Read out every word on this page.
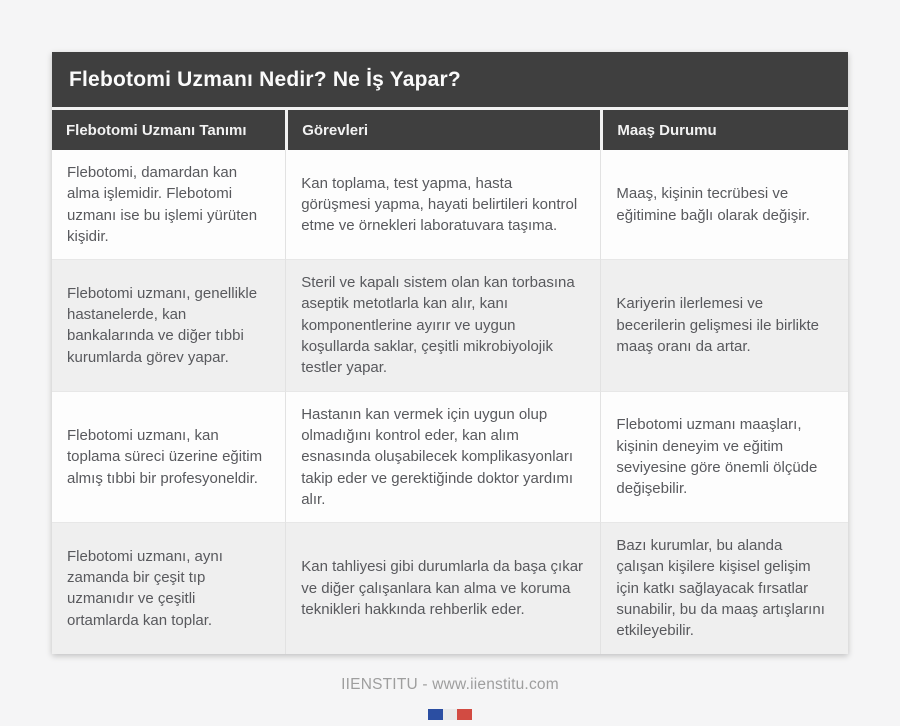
Flebotomi Uzmanı Nedir? Ne İş Yapar?
Flebotomi Uzmanı Tanımı	Görevleri	Maaş Durumu
Flebotomi, damardan kan alma işlemidir. Flebotomi uzmanı ise bu işlemi yürüten kişidir.	Kan toplama, test yapma, hasta görüşmesi yapma, hayati belirtileri kontrol etme ve örnekleri laboratuvara taşıma.	Maaş, kişinin tecrübesi ve eğitimine bağlı olarak değişir.
Flebotomi uzmanı, genellikle hastanelerde, kan bankalarında ve diğer tıbbi kurumlarda görev yapar.	Steril ve kapalı sistem olan kan torbasına aseptik metotlarla kan alır, kanı komponentlerine ayırır ve uygun koşullarda saklar, çeşitli mikrobiyolojik testler yapar.	Kariyerin ilerlemesi ve becerilerin gelişmesi ile birlikte maaş oranı da artar.
Flebotomi uzmanı, kan toplama süreci üzerine eğitim almış tıbbi bir profesyoneldir.	Hastanın kan vermek için uygun olup olmadığını kontrol eder, kan alım esnasında oluşabilecek komplikasyonları takip eder ve gerektiğinde doktor yardımı alır.	Flebotomi uzmanı maaşları, kişinin deneyim ve eğitim seviyesine göre önemli ölçüde değişebilir.
Flebotomi uzmanı, aynı zamanda bir çeşit tıp uzmanıdır ve çeşitli ortamlarda kan toplar.	Kan tahliyesi gibi durumlarla da başa çıkar ve diğer çalışanlara kan alma ve koruma teknikleri hakkında rehberlik eder.	Bazı kurumlar, bu alanda çalışan kişilere kişisel gelişim için katkı sağlayacak fırsatlar sunabilir, bu da maaş artışlarını etkileyebilir.
IIENSTITU - www.iienstitu.com
